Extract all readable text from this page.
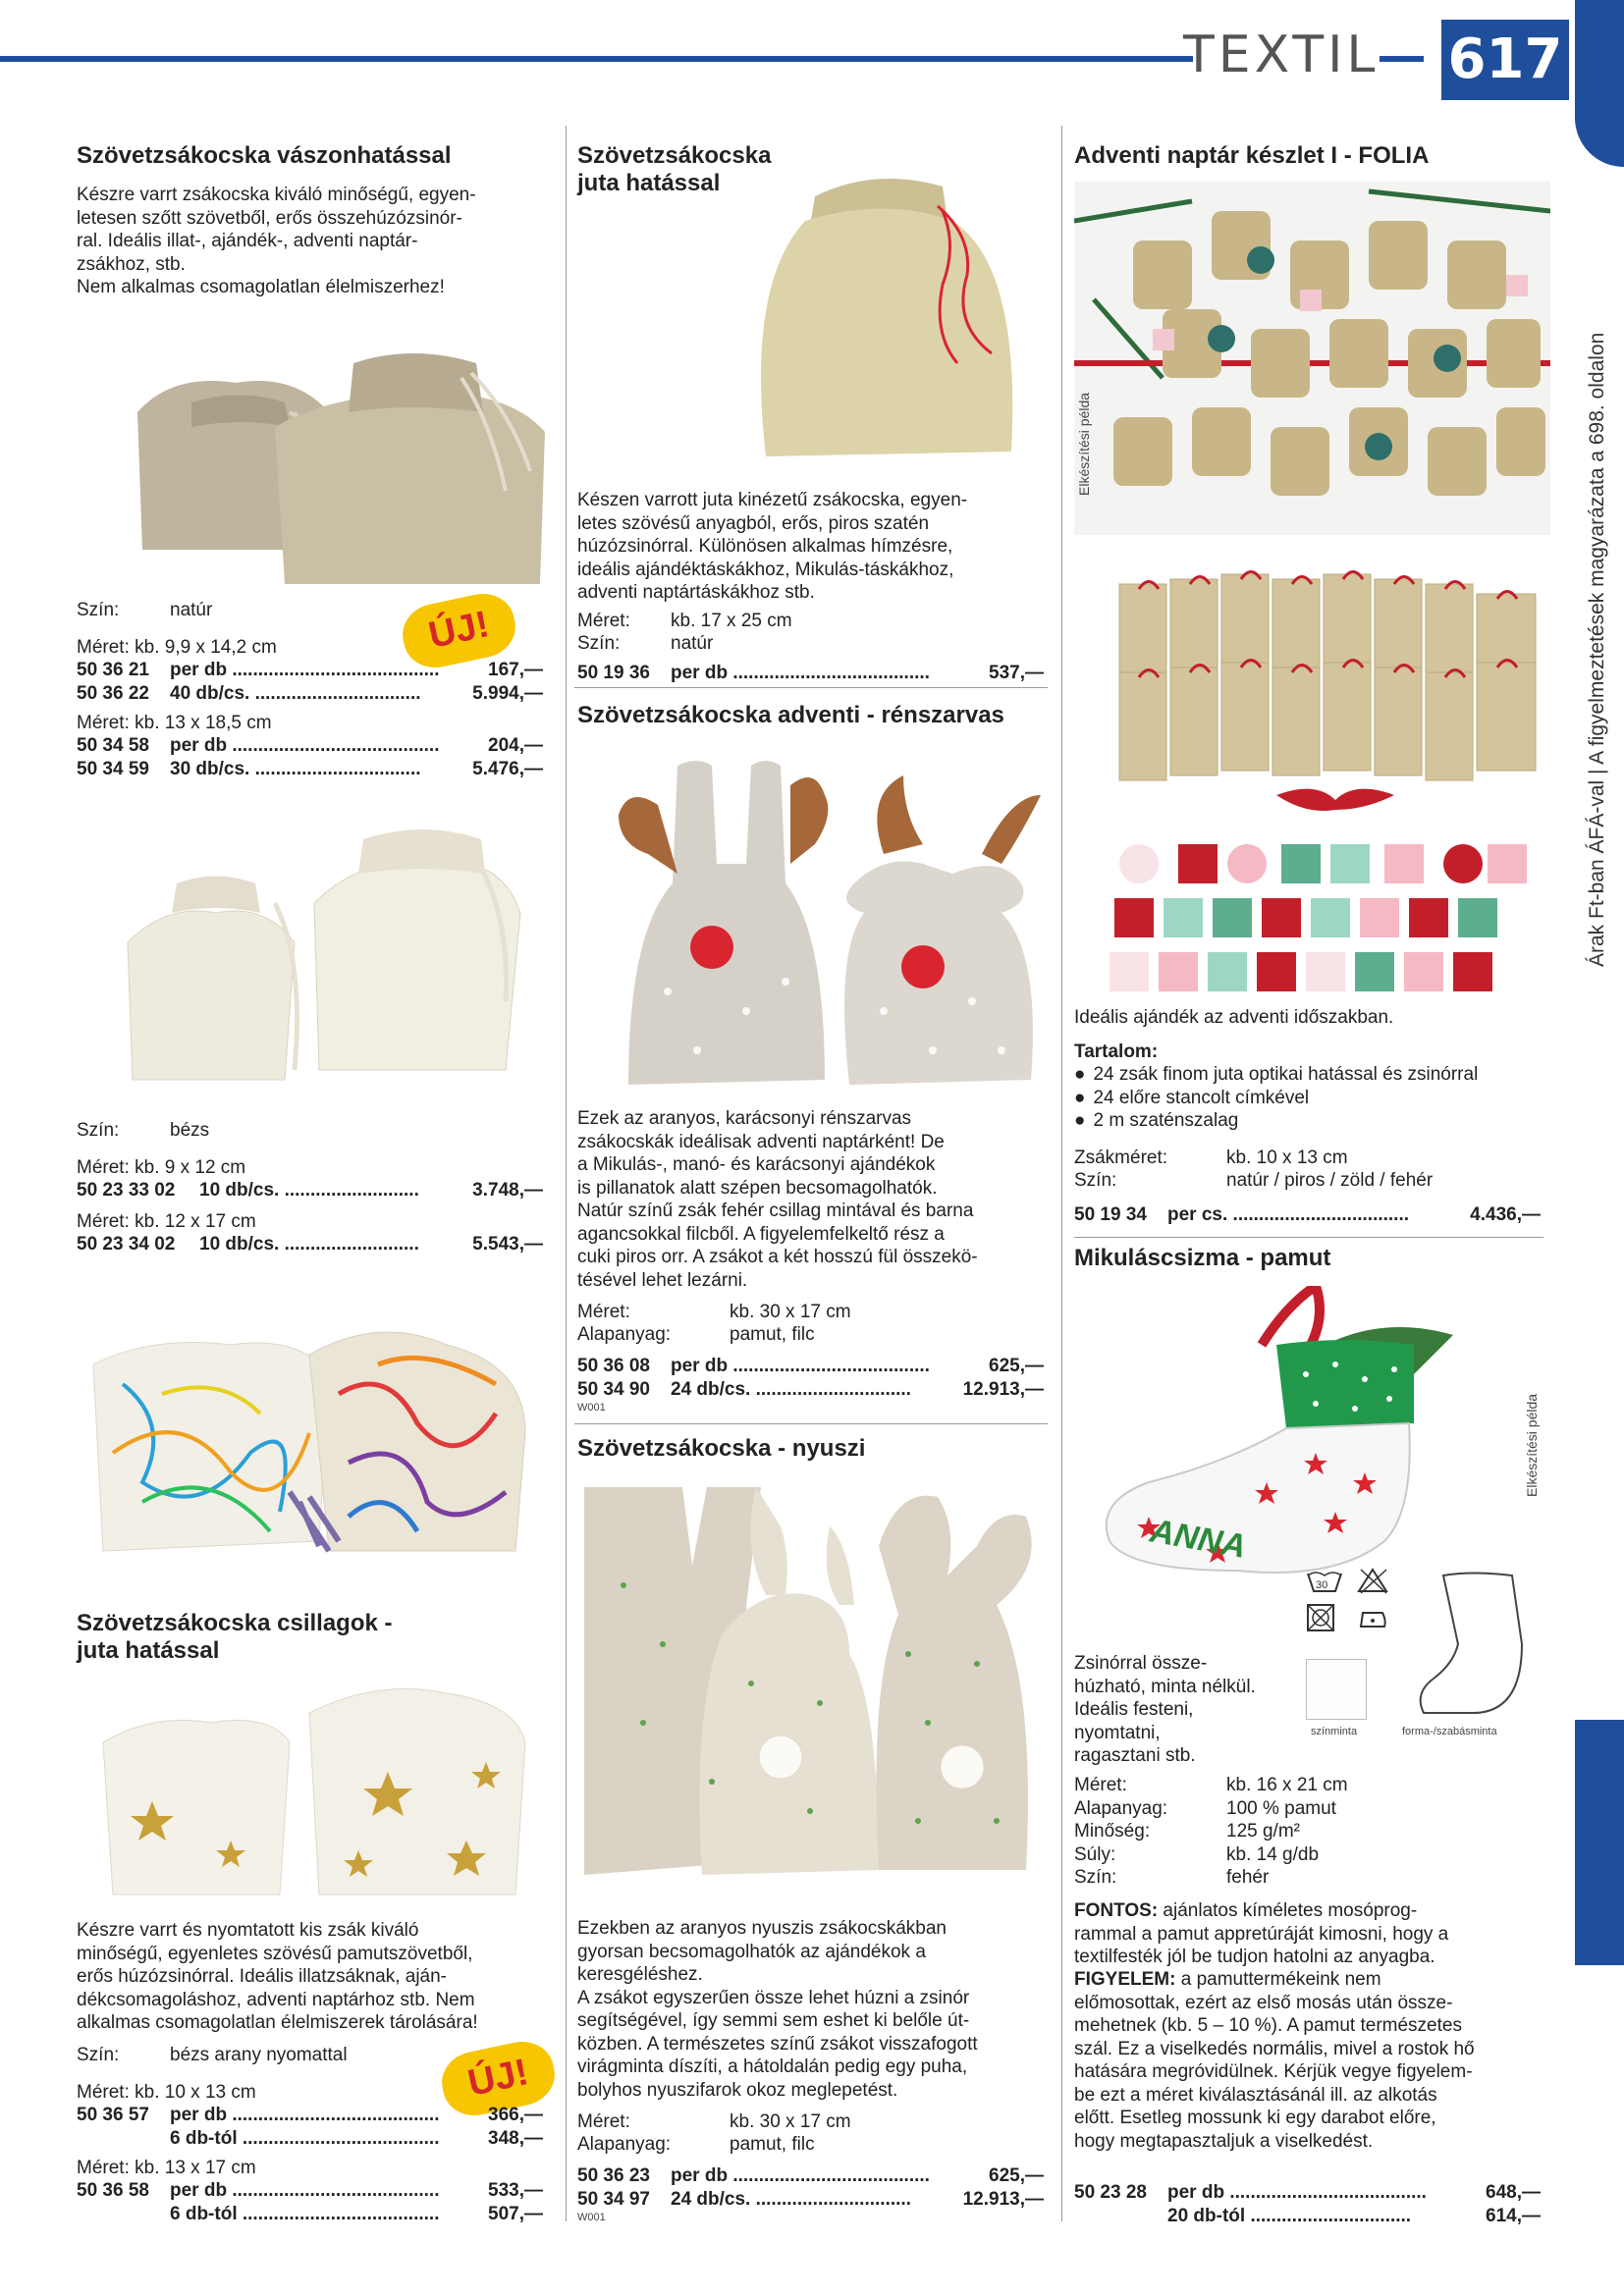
TEXTIL 617
Árak Ft-ban ÁFÁ-val | A figyelmeztetések magyarázata a 698. oldalon
Szövetzsákocska vászonhatással
Készre varrt zsákocska kiváló minőségű, egyen-
letesen szőtt szövetből, erős összehúzózsinór-
ral. Ideális illat-, ajándék-, adventi naptár-
zsákhoz, stb.
Nem alkalmas csomagolatlan élelmiszerhez!
ÚJ!
Szín:	natúr
Méret: kb. 9,9 x 14,2 cm
50 36 21	per db ........................................	167,—
50 36 22	40 db/cs. ................................	5.994,—
Méret: kb. 13 x 18,5 cm
50 34 58	per db ........................................	204,—
50 34 59	30 db/cs. ................................	5.476,—
Szín:	bézs
Méret: kb. 9 x 12 cm
50 23 33 02	10 db/cs. ..........................	3.748,—
Méret: kb. 12 x 17 cm
50 23 34 02	10 db/cs. ..........................	5.543,—
Szövetzsákocska csillagok -
juta hatással
Készre varrt és nyomtatott kis zsák kiváló
minőségű, egyenletes szövésű pamutszövetből,
erős húzózsinórral. Ideális illatzsáknak, aján-
dékcsomagoláshoz, adventi naptárhoz stb. Nem
alkalmas csomagolatlan élelmiszerek tárolására!
ÚJ!
Szín:	bézs arany nyomattal
Méret: kb. 10 x 13 cm
50 36 57	per db ........................................	366,—
6 db-tól ......................................	348,—
Méret: kb. 13 x 17 cm
50 36 58	per db ........................................	533,—
6 db-tól ......................................	507,—
Szövetzsákocska
juta hatással
Készen varrott juta kinézetű zsákocska, egyen-
letes szövésű anyagból, erős, piros szatén
húzózsinórral. Különösen alkalmas hímzésre,
ideális ajándéktáskákhoz, Mikulás-táskákhoz,
adventi naptártáskákhoz stb.
Méret: kb. 17 x 25 cm
Szín:	natúr
50 19 36	per db ......................................	537,—
Szövetzsákocska adventi - rénszarvas
Ezek az aranyos, karácsonyi rénszarvas
zsákocskák ideálisak adventi naptárként! De
a Mikulás-, manó- és karácsonyi ajándékok
is pillanatok alatt szépen becsomagolhatók.
Natúr színű zsák fehér csillag mintával és barna
agancsokkal filcből. A figyelemfelkeltő rész a
cuki piros orr. A zsákot a két hosszú fül összekö-
tésével lehet lezárni.
Méret:	kb. 30 x 17 cm
Alapanyag:	pamut, filc
50 36 08	per db ......................................	625,—
50 34 90	24 db/cs. ..............................	12.913,—
W001
Szövetzsákocska - nyuszi
Ezekben az aranyos nyuszis zsákocskákban
gyorsan becsomagolhatók az ajándékok a
keresgéléshez.
A zsákot egyszerűen össze lehet húzni a zsinór
segítségével, így semmi sem eshet ki belőle út-
közben. A természetes színű zsákot visszafogott
virágminta díszíti, a hátoldalán pedig egy puha,
bolyhos nyuszifarok okoz meglepetést.
Méret:	kb. 30 x 17 cm
Alapanyag:	pamut, filc
50 36 23	per db ......................................	625,—
50 34 97	24 db/cs. ..............................	12.913,—
W001
Adventi naptár készlet I - FOLIA
Elkészítési példa
Ideális ajándék az adventi időszakban.
Tartalom:
● 24 zsák finom juta optikai hatással és zsinórral
● 24 előre stancolt címkével
● 2 m szaténszalag
Zsákméret:	kb. 10 x 13 cm
Szín:	natúr / piros / zöld / fehér
50 19 34	per cs. ..................................	4.436,—
Mikuláscsizma - pamut
ANNA
Elkészítési példa
30
színminta	forma-/szabásminta
Zsinórral össze-
húzható, minta nélkül.
Ideális festeni,
nyomtatni,
ragasztani stb.
Méret:	kb. 16 x 21 cm
Alapanyag:	100 % pamut
Minőség:	125 g/m²
Súly:	kb. 14 g/db
Szín:	fehér
FONTOS: ajánlatos kíméletes mosóprog-
rammal a pamut appretúráját kimosni, hogy a
textilfesték jól be tudjon hatolni az anyagba.
FIGYELEM: a pamuttermékeink nem
előmosottak, ezért az első mosás után össze-
mehetnek (kb. 5 – 10 %). A pamut természetes
szál. Ez a viselkedés normális, mivel a rostok hő
hatására megróvidülnek. Kérjük vegye figyelem-
be ezt a méret kiválasztásánál ill. az alkotás
előtt. Esetleg mossunk ki egy darabot előre,
hogy megtapasztaljuk a viselkedést.
50 23 28	per db ......................................	648,—
20 db-tól ...............................	614,—
